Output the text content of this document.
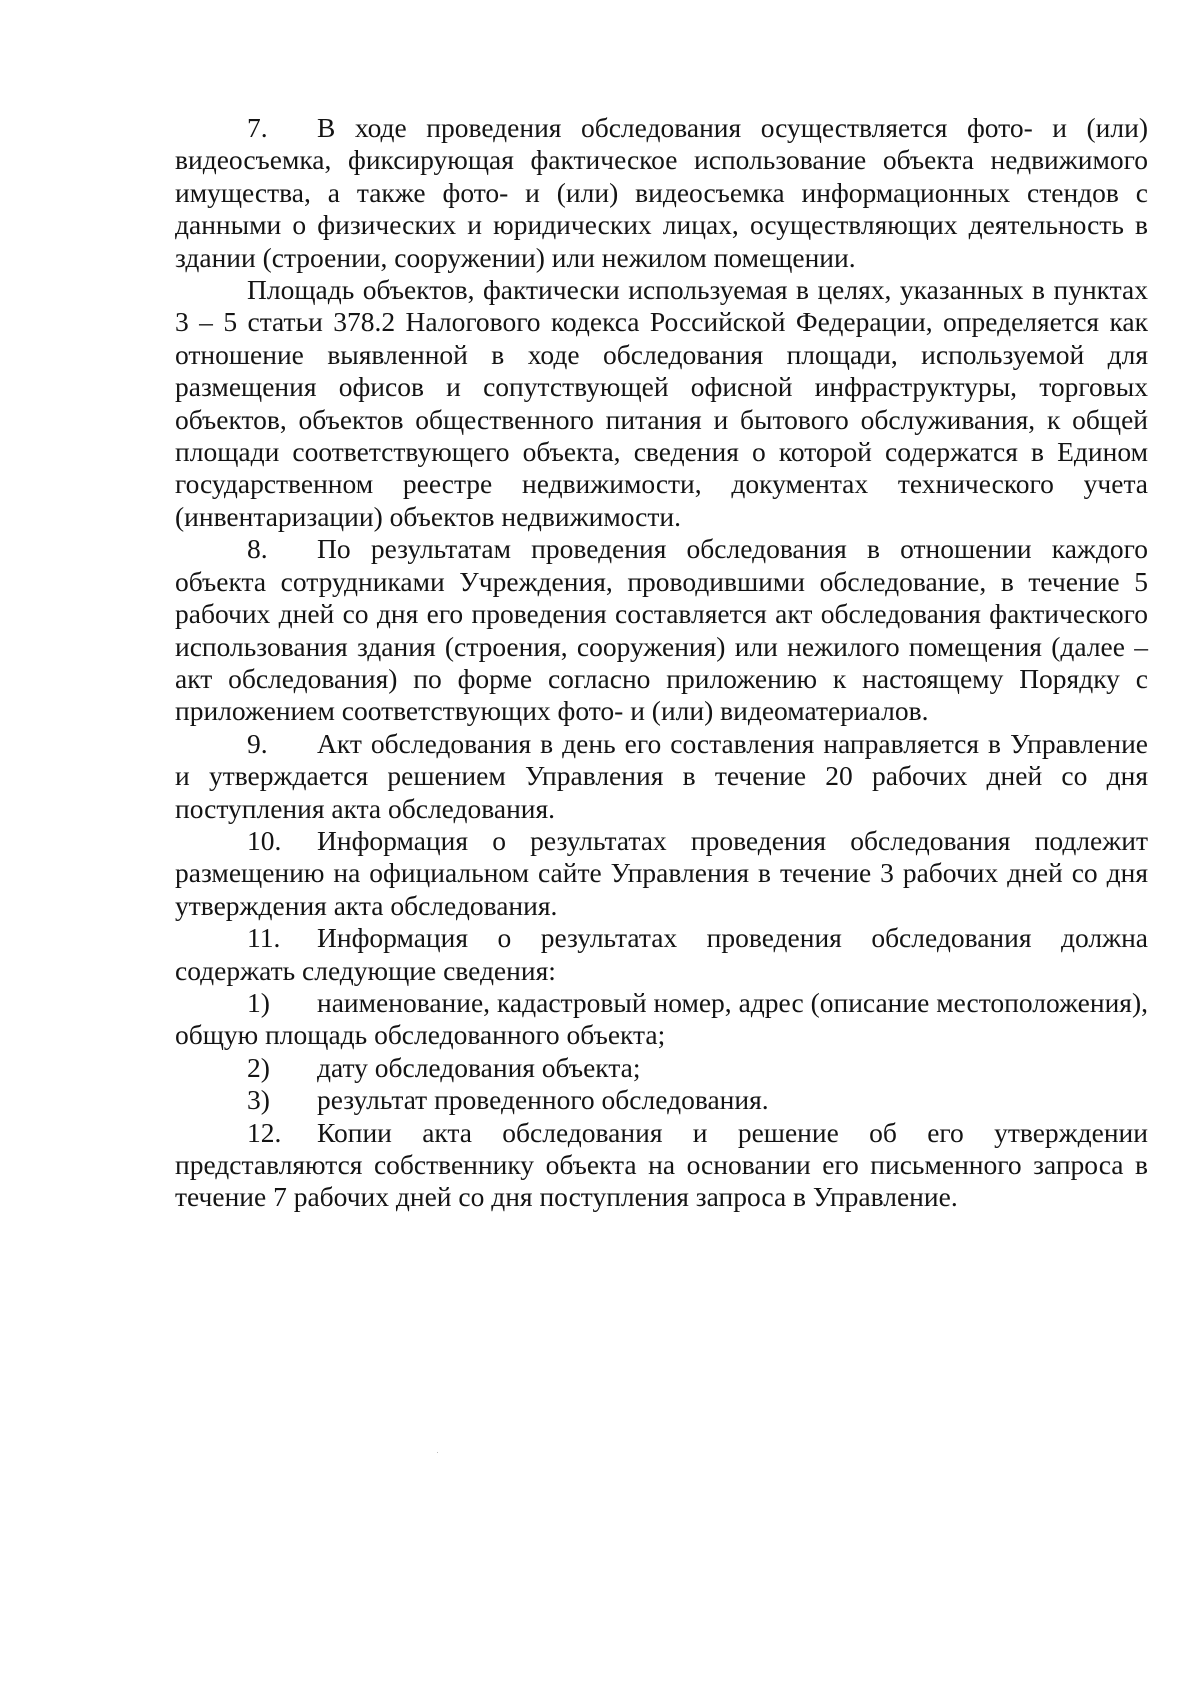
7. В ходе проведения обследования осуществляется фото- и (или) видеосъемка, фиксирующая фактическое использование объекта недвижимого имущества, а также фото- и (или) видеосъемка информационных стендов с данными о физических и юридических лицах, осуществляющих деятельность в здании (строении, сооружении) или нежилом помещении.

Площадь объектов, фактически используемая в целях, указанных в пунктах 3 – 5 статьи 378.2 Налогового кодекса Российской Федерации, определяется как отношение выявленной в ходе обследования площади, используемой для размещения офисов и сопутствующей офисной инфраструктуры, торговых объектов, объектов общественного питания и бытового обслуживания, к общей площади соответствующего объекта, сведения о которой содержатся в Едином государственном реестре недвижимости, документах технического учета (инвентаризации) объектов недвижимости.

8. По результатам проведения обследования в отношении каждого объекта сотрудниками Учреждения, проводившими обследование, в течение 5 рабочих дней со дня его проведения составляется акт обследования фактического использования здания (строения, сооружения) или нежилого помещения (далее – акт обследования) по форме согласно приложению к настоящему Порядку с приложением соответствующих фото- и (или) видеоматериалов.

9. Акт обследования в день его составления направляется в Управление и утверждается решением Управления в течение 20 рабочих дней со дня поступления акта обследования.

10. Информация о результатах проведения обследования подлежит размещению на официальном сайте Управления в течение 3 рабочих дней со дня утверждения акта обследования.

11. Информация о результатах проведения обследования должна содержать следующие сведения:

1) наименование, кадастровый номер, адрес (описание местоположения), общую площадь обследованного объекта;

2) дату обследования объекта;

3) результат проведенного обследования.

12. Копии акта обследования и решение об его утверждении представляются собственнику объекта на основании его письменного запроса в течение 7 рабочих дней со дня поступления запроса в Управление.
